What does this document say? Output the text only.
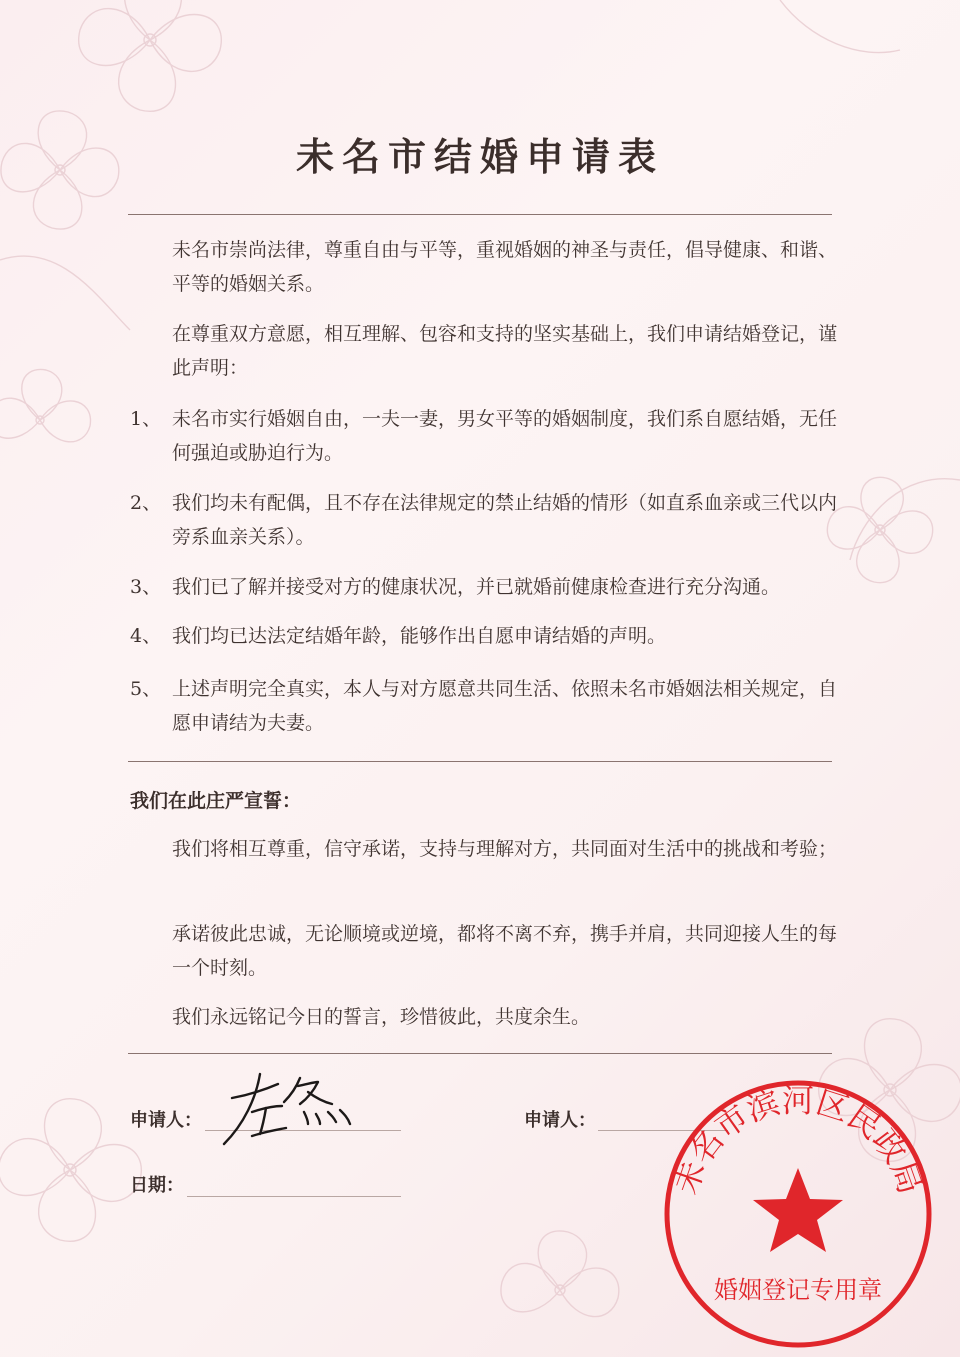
未名市结婚申请表
未名市崇尚法律，尊重自由与平等，重视婚姻的神圣与责任，倡导健康、和谐、平等的婚姻关系。
在尊重双方意愿，相互理解、包容和支持的坚实基础上，我们申请结婚登记，谨此声明：
1、 未名市实行婚姻自由，一夫一妻，男女平等的婚姻制度，我们系自愿结婚，无任何强迫或胁迫行为。
2、 我们均未有配偶，且不存在法律规定的禁止结婚的情形（如直系血亲或三代以内旁系血亲关系）。
3、 我们已了解并接受对方的健康状况，并已就婚前健康检查进行充分沟通。
4、 我们均已达法定结婚年龄，能够作出自愿申请结婚的声明。
5、 上述声明完全真实，本人与对方愿意共同生活、依照未名市婚姻法相关规定，自愿申请结为夫妻。
我们在此庄严宣誓：
我们将相互尊重，信守承诺，支持与理解对方，共同面对生活中的挑战和考验；
承诺彼此忠诚，无论顺境或逆境，都将不离不弃，携手并肩，共同迎接人生的每一个时刻。
我们永远铭记今日的誓言，珍惜彼此，共度余生。
申请人：	申请人：
日期：	未名市滨河区民政局
婚姻登记专用章
